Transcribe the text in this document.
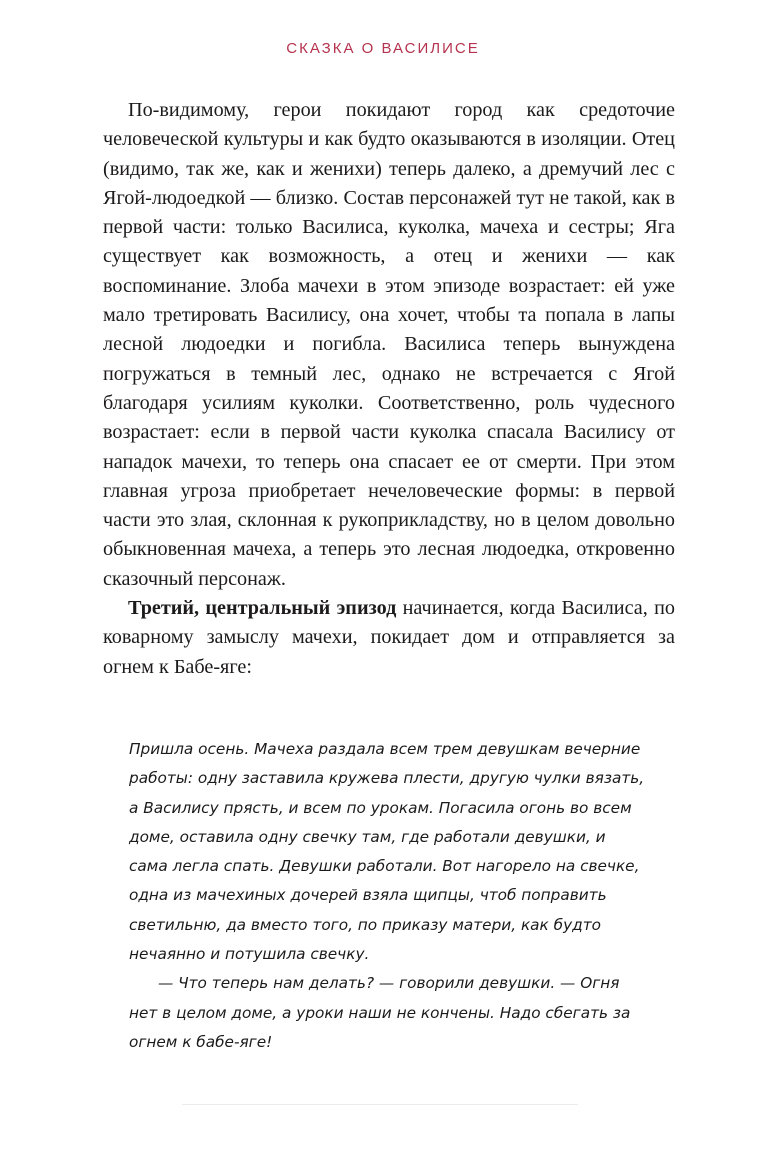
СКАЗКА О ВАСИЛИСЕ

По-видимому, герои покидают город как средоточие человеческой культуры и как будто оказываются в изоляции. Отец (видимо, так же, как и женихи) теперь далеко, а дремучий лес с Ягой-людоедкой — близко. Состав персонажей тут не такой, как в первой части: только Василиса, куколка, мачеха и сестры; Яга существует как возможность, а отец и женихи — как воспоминание. Злоба мачехи в этом эпизоде возрастает: ей уже мало третировать Василису, она хочет, чтобы та попала в лапы лесной людоедки и погибла. Василиса теперь вынуждена погружаться в темный лес, однако не встречается с Ягой благодаря усилиям куколки. Соответственно, роль чудесного возрастает: если в первой части куколка спасала Василису от нападок мачехи, то теперь она спасает ее от смерти. При этом главная угроза приобретает нечеловеческие формы: в первой части это злая, склонная к рукоприкладству, но в целом довольно обыкновенная мачеха, а теперь это лесная людоедка, откровенно сказочный персонаж.

Третий, центральный эпизод начинается, когда Василиса, по коварному замыслу мачехи, покидает дом и отправляется за огнем к Бабе-яге:

Пришла осень. Мачеха раздала всем трем девушкам вечерние работы: одну заставила кружева плести, другую чулки вязать, а Василису прясть, и всем по урокам. Погасила огонь во всем доме, оставила одну свечку там, где работали девушки, и сама легла спать. Девушки работали. Вот нагорело на свечке, одна из мачехиных дочерей взяла щипцы, чтоб поправить светильню, да вместо того, по приказу матери, как будто нечаянно и потушила свечку.

— Что теперь нам делать? — говорили девушки. — Огня нет в целом доме, а уроки наши не кончены. Надо сбегать за огнем к бабе-яге!
